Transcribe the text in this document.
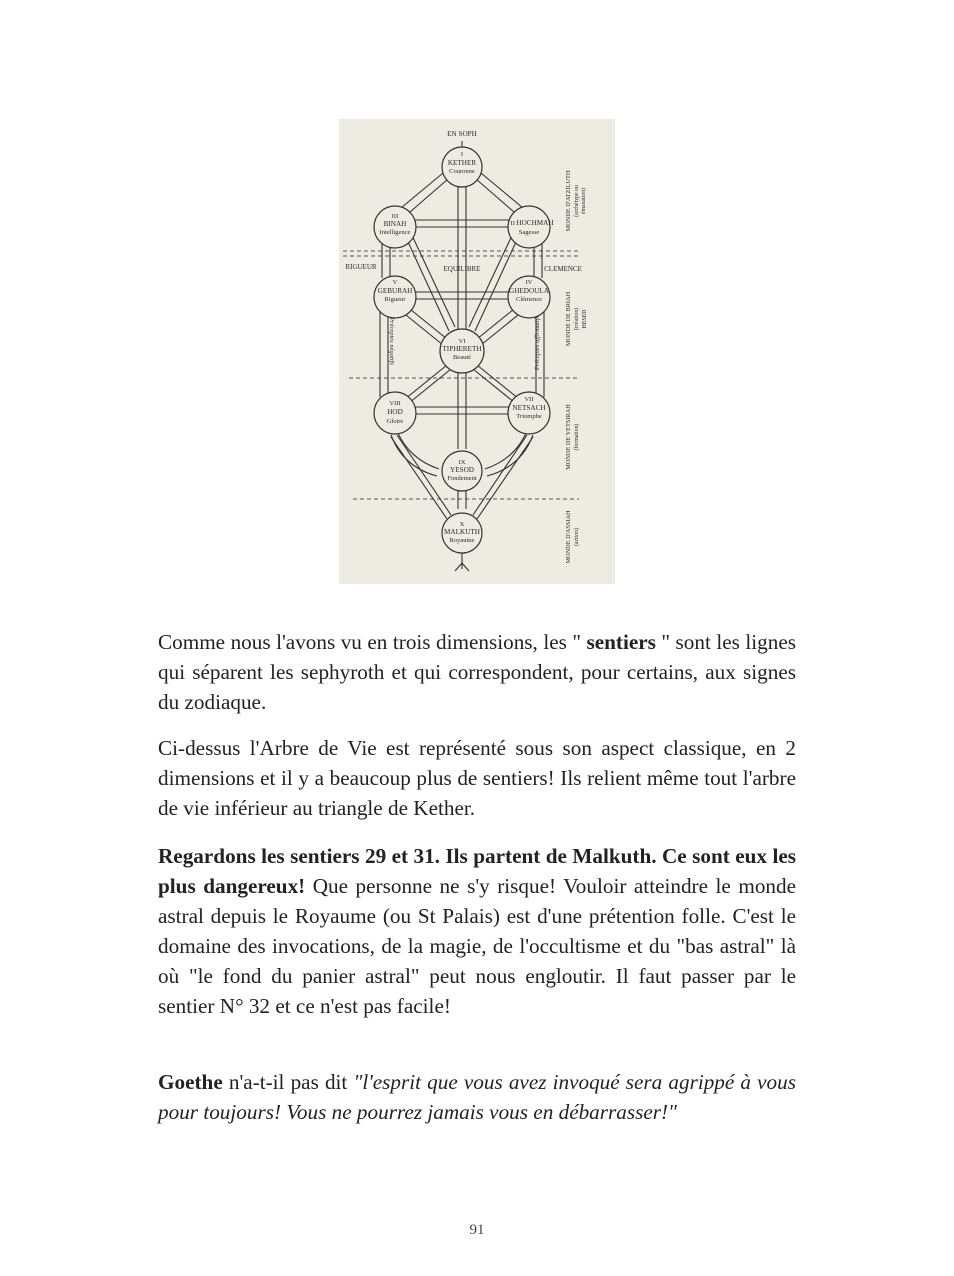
EN SOPH
I
KETHER
Couronne
III
BINAH
Intelligence
II HOCHMAH
Sagesse
V
GEBURAH
Rigueur
IV
GHEDOULA
Clémence
VI
TIPHERETH
Beauté
VIII
HOD
Gloire
VII
NETSACH
Triomphe
IX
YESOD
Fondement
X
MALKUTH
Royaume
RIGUEUR	EQUILIBRE	CLEMENCE
Préceptes négatifs	Préceptes affirmatifs
MONDE D'ATZILUTH (archétype ou émanation)
MONDE DE BRIAH (création) HESED
MONDE DE YETSIRAH (formation)
MONDE D'ASSIAH (action)

Comme nous l'avons vu en trois dimensions, les " sentiers " sont les lignes qui séparent les sephyroth et qui correspondent, pour certains, aux signes du zodiaque.

Ci-dessus l'Arbre de Vie est représenté sous son aspect classique, en 2 dimensions et il y a beaucoup plus de sentiers! Ils relient même tout l'arbre de vie inférieur au triangle de Kether.

Regardons les sentiers 29 et 31. Ils partent de Malkuth. Ce sont eux les plus dangereux! Que personne ne s'y risque! Vouloir atteindre le monde astral depuis le Royaume (ou St Palais) est d'une prétention folle. C'est le domaine des invocations, de la magie, de l'occultisme et du "bas astral" là où "le fond du panier astral" peut nous engloutir. Il faut passer par le sentier N° 32 et ce n'est pas facile!

Goethe n'a-t-il pas dit "l'esprit que vous avez invoqué sera agrippé à vous pour toujours! Vous ne pourrez jamais vous en débarrasser!"

91
